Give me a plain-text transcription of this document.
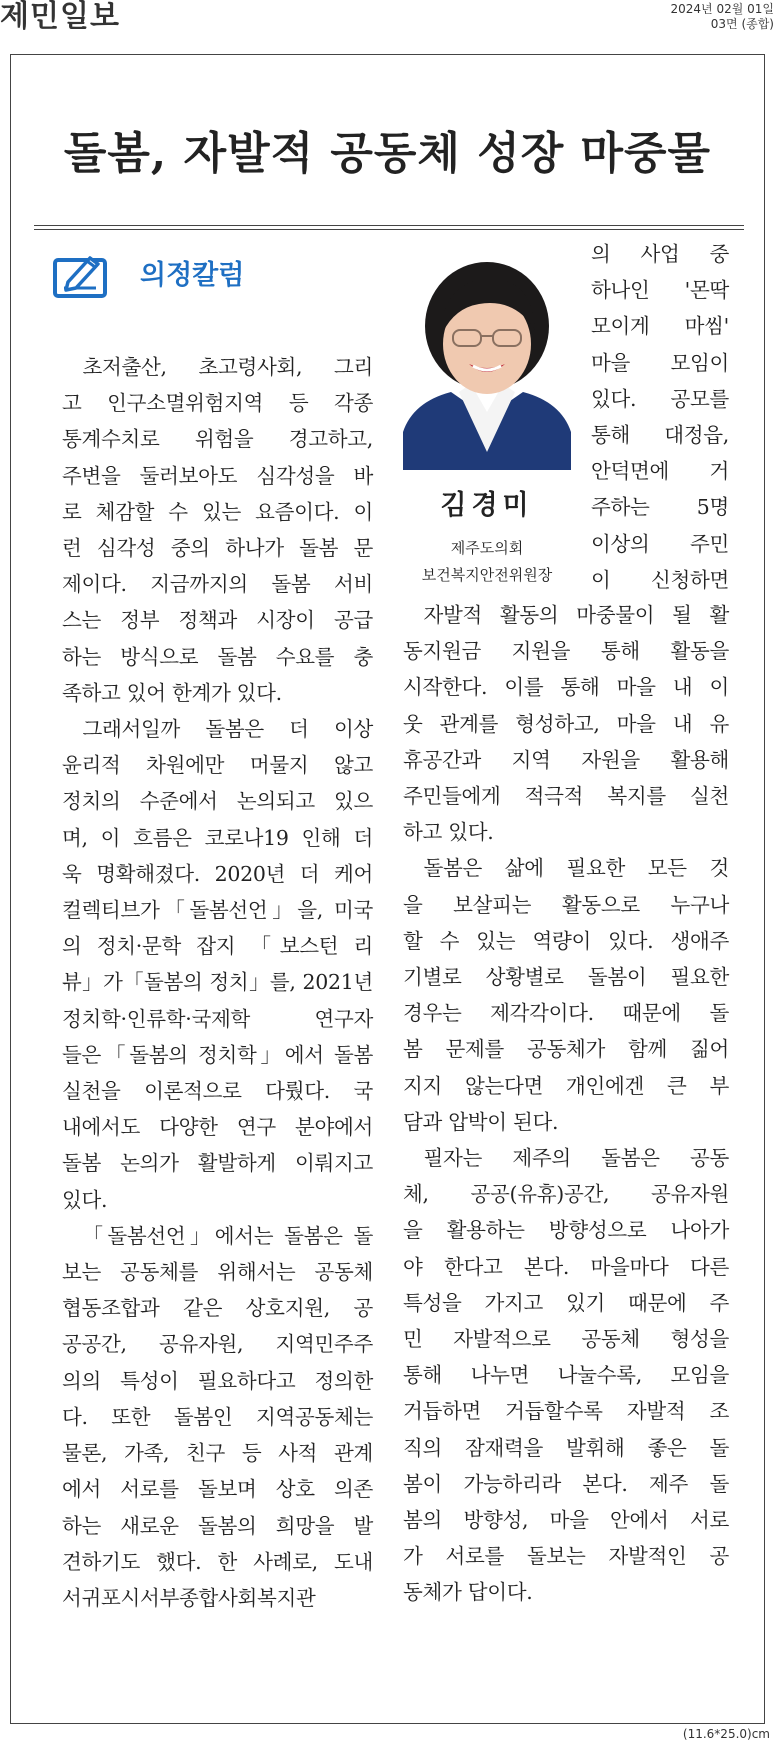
제민일보	2024년 02월 01일
03면 (종합)
돌봄, 자발적 공동체 성장 마중물
의정칼럼
김경미
제주도의회
보건복지안전위원장

초저출산, 초고령사회, 그리
고 인구소멸위험지역 등 각종
통계수치로 위험을 경고하고,
주변을 둘러보아도 심각성을 바
로 체감할 수 있는 요즘이다. 이
런 심각성 중의 하나가 돌봄 문
제이다. 지금까지의 돌봄 서비
스는 정부 정책과 시장이 공급
하는 방식으로 돌봄 수요를 충
족하고 있어 한계가 있다.

그래서일까 돌봄은 더 이상
윤리적 차원에만 머물지 않고
정치의 수준에서 논의되고 있으
며, 이 흐름은 코로나19 인해 더
욱 명확해졌다. 2020년 더 케어
컬렉티브가「돌봄선언」을, 미국
의 정치·문학 잡지 「보스턴 리
뷰」가「돌봄의 정치」를, 2021년
정치학·인류학·국제학 연구자
들은「돌봄의 정치학」에서 돌봄
실천을 이론적으로 다뤘다. 국
내에서도 다양한 연구 분야에서
돌봄 논의가 활발하게 이뤄지고
있다.

「돌봄선언」에서는 돌봄은 돌
보는 공동체를 위해서는 공동체
협동조합과 같은 상호지원, 공
공공간, 공유자원, 지역민주주
의의 특성이 필요하다고 정의한
다. 또한 돌봄인 지역공동체는
물론, 가족, 친구 등 사적 관계
에서 서로를 돌보며 상호 의존
하는 새로운 돌봄의 희망을 발
견하기도 했다. 한 사례로, 도내
서귀포시서부종합사회복지관

의 사업 중
하나인 '몬딱
모이게 마씸'
마을 모임이
있다. 공모를
통해 대정읍,
안덕면에 거
주하는 5명
이상의 주민
이 신청하면

자발적 활동의 마중물이 될 활
동지원금 지원을 통해 활동을
시작한다. 이를 통해 마을 내 이
웃 관계를 형성하고, 마을 내 유
휴공간과 지역 자원을 활용해
주민들에게 적극적 복지를 실천
하고 있다.

돌봄은 삶에 필요한 모든 것
을 보살피는 활동으로 누구나
할 수 있는 역량이 있다. 생애주
기별로 상황별로 돌봄이 필요한
경우는 제각각이다. 때문에 돌
봄 문제를 공동체가 함께 짊어
지지 않는다면 개인에겐 큰 부
담과 압박이 된다.

필자는 제주의 돌봄은 공동
체, 공공(유휴)공간, 공유자원
을 활용하는 방향성으로 나아가
야 한다고 본다. 마을마다 다른
특성을 가지고 있기 때문에 주
민 자발적으로 공동체 형성을
통해 나누면 나눌수록, 모임을
거듭하면 거듭할수록 자발적 조
직의 잠재력을 발휘해 좋은 돌
봄이 가능하리라 본다. 제주 돌
봄의 방향성, 마을 안에서 서로
가 서로를 돌보는 자발적인 공
동체가 답이다.

(11.6*25.0)cm
